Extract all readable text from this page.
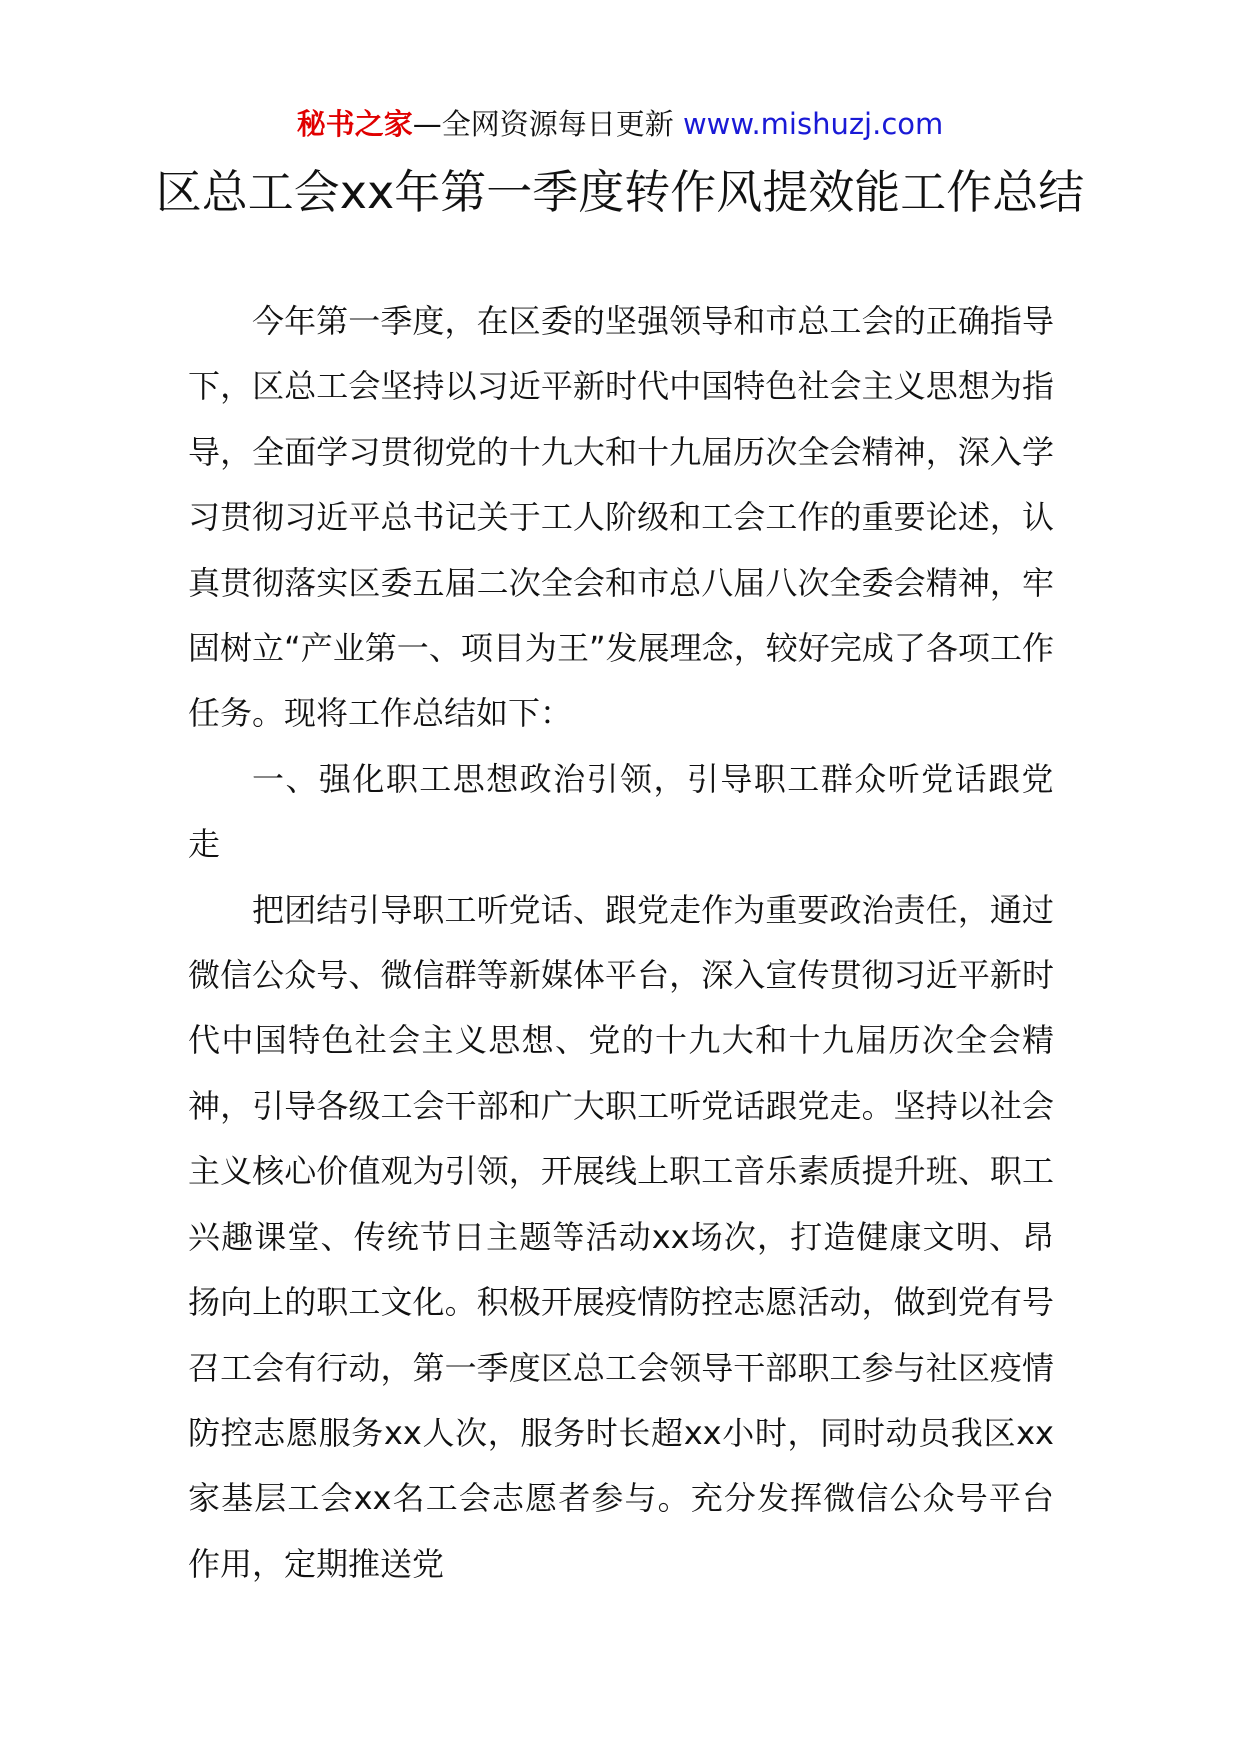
秘书之家—全网资源每日更新 www.mishuzj.com
区总工会xx年第一季度转作风提效能工作总结

今年第一季度，在区委的坚强领导和市总工会的正确指导下，区总工会坚持以习近平新时代中国特色社会主义思想为指导，全面学习贯彻党的十九大和十九届历次全会精神，深入学习贯彻习近平总书记关于工人阶级和工会工作的重要论述，认真贯彻落实区委五届二次全会和市总八届八次全委会精神，牢固树立“产业第一、项目为王”发展理念，较好完成了各项工作任务。现将工作总结如下：

一、强化职工思想政治引领，引导职工群众听党话跟党走

把团结引导职工听党话、跟党走作为重要政治责任，通过微信公众号、微信群等新媒体平台，深入宣传贯彻习近平新时代中国特色社会主义思想、党的十九大和十九届历次全会精神，引导各级工会干部和广大职工听党话跟党走。坚持以社会主义核心价值观为引领，开展线上职工音乐素质提升班、职工兴趣课堂、传统节日主题等活动xx场次，打造健康文明、昂扬向上的职工文化。积极开展疫情防控志愿活动，做到党有号召工会有行动，第一季度区总工会领导干部职工参与社区疫情防控志愿服务xx人次，服务时长超xx小时，同时动员我区xx家基层工会xx名工会志愿者参与。充分发挥微信公众号平台作用，定期推送党
